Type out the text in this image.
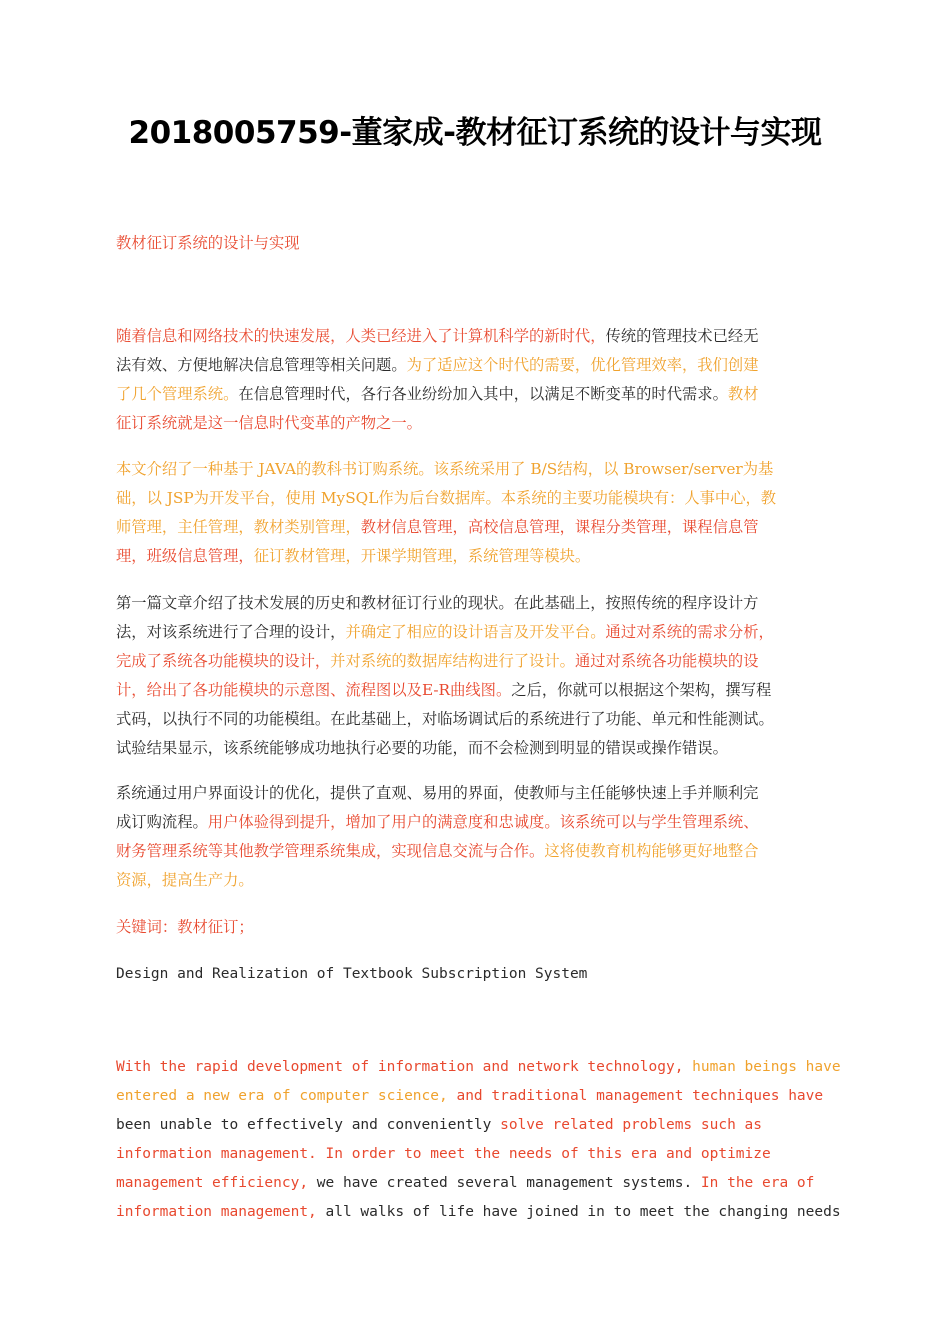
2018005759-董家成-教材征订系统的设计与实现
教材征订系统的设计与实现
随着信息和网络技术的快速发展，人类已经进入了计算机科学的新时代，传统的管理技术已经无
法有效、方便地解决信息管理等相关问题。为了适应这个时代的需要，优化管理效率，我们创建
了几个管理系统。在信息管理时代，各行各业纷纷加入其中，以满足不断变革的时代需求。教材
征订系统就是这一信息时代变革的产物之一。
本文介绍了一种基于 JAVA的教科书订购系统。该系统采用了 B/S结构，以 Browser/server为基
础，以 JSP为开发平台，使用 MySQL作为后台数据库。本系统的主要功能模块有：人事中心，教
师管理，主任管理，教材类别管理，教材信息管理，高校信息管理，课程分类管理，课程信息管
理，班级信息管理，征订教材管理，开课学期管理，系统管理等模块。
第一篇文章介绍了技术发展的历史和教材征订行业的现状。在此基础上，按照传统的程序设计方
法，对该系统进行了合理的设计，并确定了相应的设计语言及开发平台。通过对系统的需求分析，
完成了系统各功能模块的设计，并对系统的数据库结构进行了设计。通过对系统各功能模块的设
计，给出了各功能模块的示意图、流程图以及E-R曲线图。之后，你就可以根据这个架构，撰写程
式码，以执行不同的功能模组。在此基础上，对临场调试后的系统进行了功能、单元和性能测试。
试验结果显示，该系统能够成功地执行必要的功能，而不会检测到明显的错误或操作错误。
系统通过用户界面设计的优化，提供了直观、易用的界面，使教师与主任能够快速上手并顺利完
成订购流程。用户体验得到提升，增加了用户的满意度和忠诚度。该系统可以与学生管理系统、
财务管理系统等其他教学管理系统集成，实现信息交流与合作。这将使教育机构能够更好地整合
资源，提高生产力。
关键词：教材征订；
Design and Realization of Textbook Subscription System
With the rapid development of information and network technology, human beings have
entered a new era of computer science, and traditional management techniques have
been unable to effectively and conveniently solve related problems such as
information management. In order to meet the needs of this era and optimize
management efficiency, we have created several management systems. In the era of
information management, all walks of life have joined in to meet the changing needs
